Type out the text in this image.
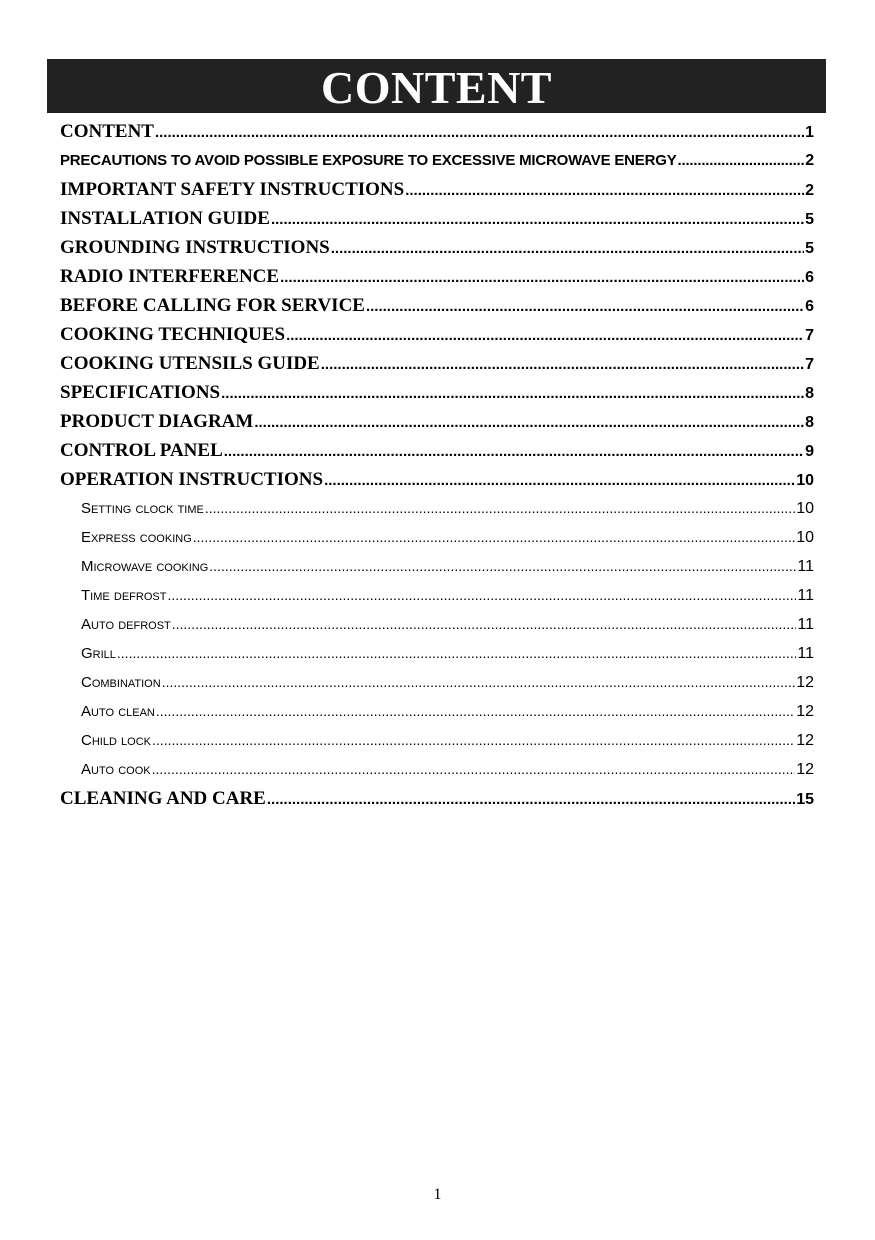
CONTENT
CONTENT .....	1
PRECAUTIONS TO AVOID POSSIBLE EXPOSURE TO EXCESSIVE MICROWAVE ENERGY .....	2
IMPORTANT SAFETY INSTRUCTIONS .....	2
INSTALLATION GUIDE .....	5
GROUNDING INSTRUCTIONS .....	5
RADIO INTERFERENCE .....	6
BEFORE CALLING FOR SERVICE .....	6
COOKING TECHNIQUES .....	7
COOKING UTENSILS GUIDE .....	7
SPECIFICATIONS .....	8
PRODUCT DIAGRAM .....	8
CONTROL PANEL .....	9
OPERATION INSTRUCTIONS .....	10
Setting clock time .....	10
Express cooking .....	10
Microwave cooking .....	11
Time defrost .....	11
Auto defrost .....	11
Grill .....	11
Combination .....	12
Auto clean .....	12
Child lock .....	12
Auto cook .....	12
CLEANING AND CARE .....	15
1
